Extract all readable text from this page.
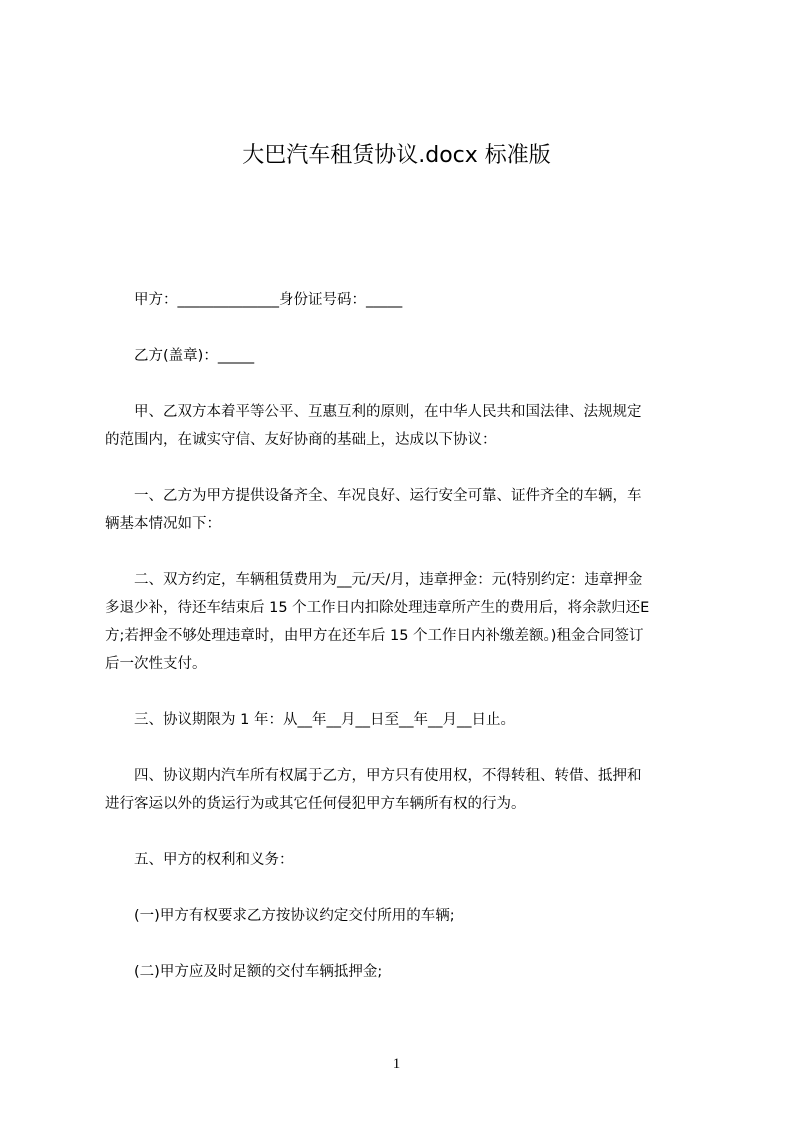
大巴汽车租赁协议.docx 标准版

甲方：______________身份证号码：_____

乙方(盖章)：_____

甲、乙双方本着平等公平、互惠互利的原则，在中华人民共和国法律、法规规定
的范围内，在诚实守信、友好协商的基础上，达成以下协议：
一、乙方为甲方提供设备齐全、车况良好、运行安全可靠、证件齐全的车辆，车
辆基本情况如下：
二、双方约定，车辆租赁费用为__元/天/月，违章押金：元(特别约定：违章押金
多退少补，待还车结束后 15 个工作日内扣除处理违章所产生的费用后，将余款归还E
方;若押金不够处理违章时，由甲方在还车后 15 个工作日内补缴差额。)租金合同签订
后一次性支付。

三、协议期限为 1 年：从__年__月__日至__年__月__日止。

四、协议期内汽车所有权属于乙方，甲方只有使用权，不得转租、转借、抵押和
进行客运以外的货运行为或其它任何侵犯甲方车辆所有权的行为。

五、甲方的权利和义务：

(一)甲方有权要求乙方按协议约定交付所用的车辆;

(二)甲方应及时足额的交付车辆抵押金;

1
